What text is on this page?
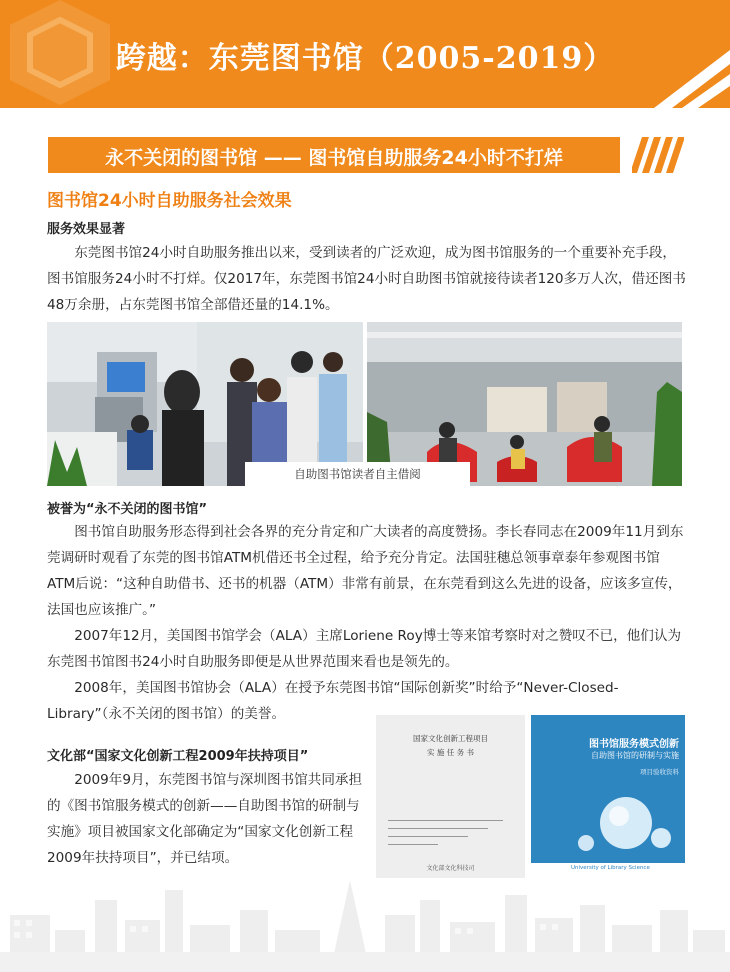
跨越：东莞图书馆（2005-2019）
永不关闭的图书馆 —— 图书馆自助服务24小时不打烊
图书馆24小时自助服务社会效果
服务效果显著

东莞图书馆24小时自助服务推出以来，受到读者的广泛欢迎，成为图书馆服务的一个重要补充手段，图书馆服务24小时不打烊。仅2017年，东莞图书馆24小时自助图书馆就接待读者120多万人次，借还图书48万余册，占东莞图书馆全部借还量的14.1%。

自助图书馆读者自主借阅
被誉为“永不关闭的图书馆”

图书馆自助服务形态得到社会各界的充分肯定和广大读者的高度赞扬。李长春同志在2009年11月到东莞调研时观看了东莞的图书馆ATM机借还书全过程，给予充分肯定。法国驻穗总领事章泰年参观图书馆ATM后说：“这种自助借书、还书的机器（ATM）非常有前景，在东莞看到这么先进的设备，应该多宣传，法国也应该推广。”

2007年12月，美国图书馆学会（ALA）主席Loriene Roy博士等来馆考察时对之赞叹不已，他们认为东莞图书馆图书24小时自助服务即便是从世界范围来看也是领先的。

2008年，美国图书馆协会（ALA）在授予东莞图书馆“国际创新奖”时给予“Never-Closed-Library”（永不关闭的图书馆）的美誉。

国家文化创新工程项目
实 施 任 务 书
文化部文化科技司
图书馆服务模式创新
自助图书馆的研制与实施
项目验收资料
University of Library Science
文化部“国家文化创新工程2009年扶持项目”

2009年9月，东莞图书馆与深圳图书馆共同承担的《图书馆服务模式的创新——自助图书馆的研制与实施》项目被国家文化部确定为“国家文化创新工程2009年扶持项目”，并已结项。
